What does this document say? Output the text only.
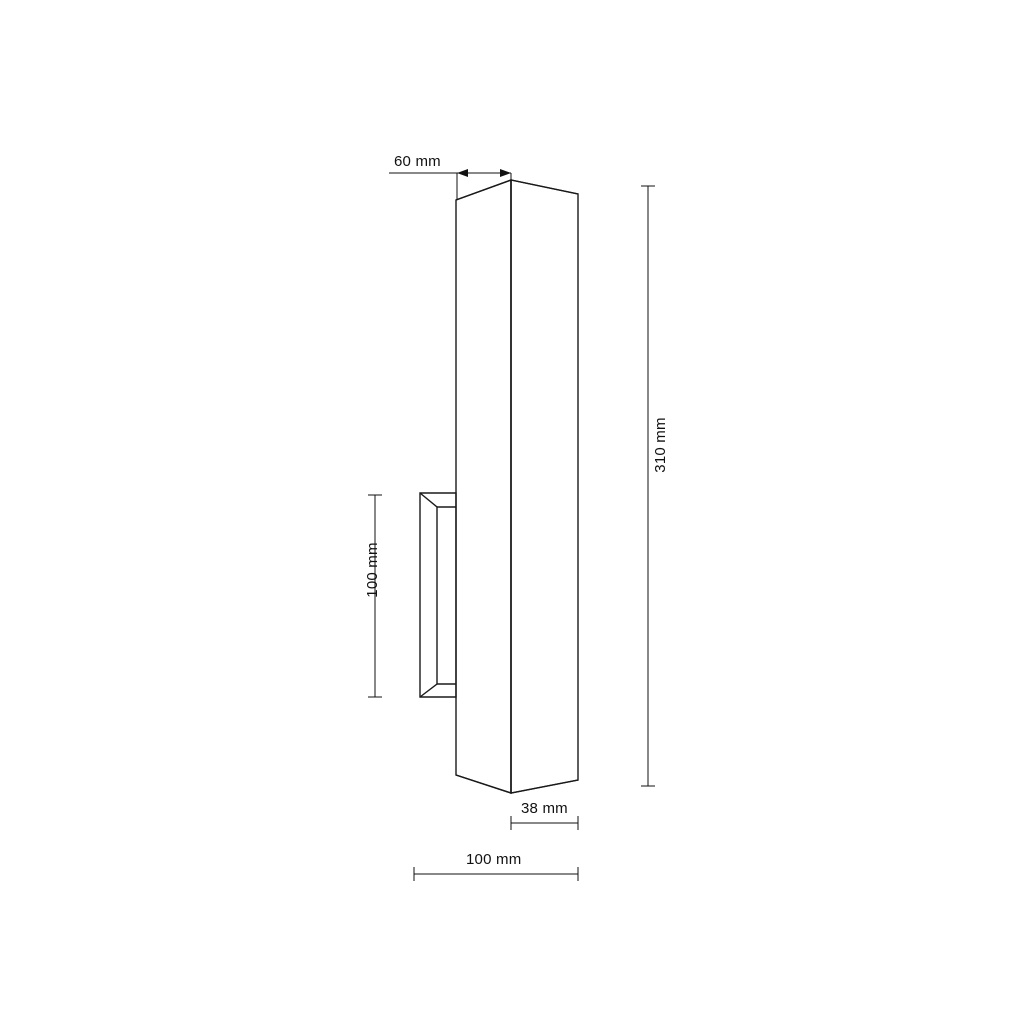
60 mm
310 mm
100 mm
38 mm
100 mm
